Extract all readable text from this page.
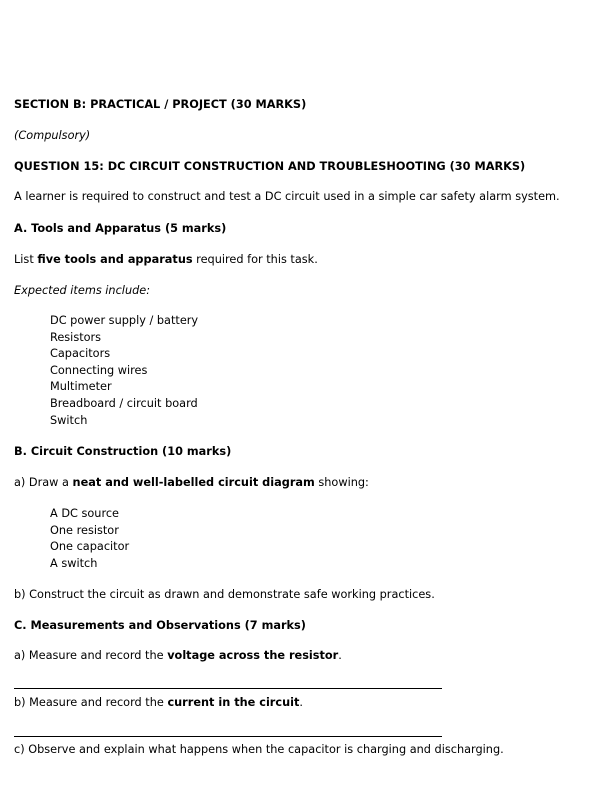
SECTION B: PRACTICAL / PROJECT (30 MARKS)
(Compulsory)
QUESTION 15: DC CIRCUIT CONSTRUCTION AND TROUBLESHOOTING (30 MARKS)
A learner is required to construct and test a DC circuit used in a simple car safety alarm system.
A. Tools and Apparatus (5 marks)
List five tools and apparatus required for this task.
Expected items include:
DC power supply / battery
Resistors
Capacitors
Connecting wires
Multimeter
Breadboard / circuit board
Switch
B. Circuit Construction (10 marks)
a) Draw a neat and well-labelled circuit diagram showing:
A DC source
One resistor
One capacitor
A switch
b) Construct the circuit as drawn and demonstrate safe working practices.
C. Measurements and Observations (7 marks)
a) Measure and record the voltage across the resistor.
b) Measure and record the current in the circuit.
c) Observe and explain what happens when the capacitor is charging and discharging.
